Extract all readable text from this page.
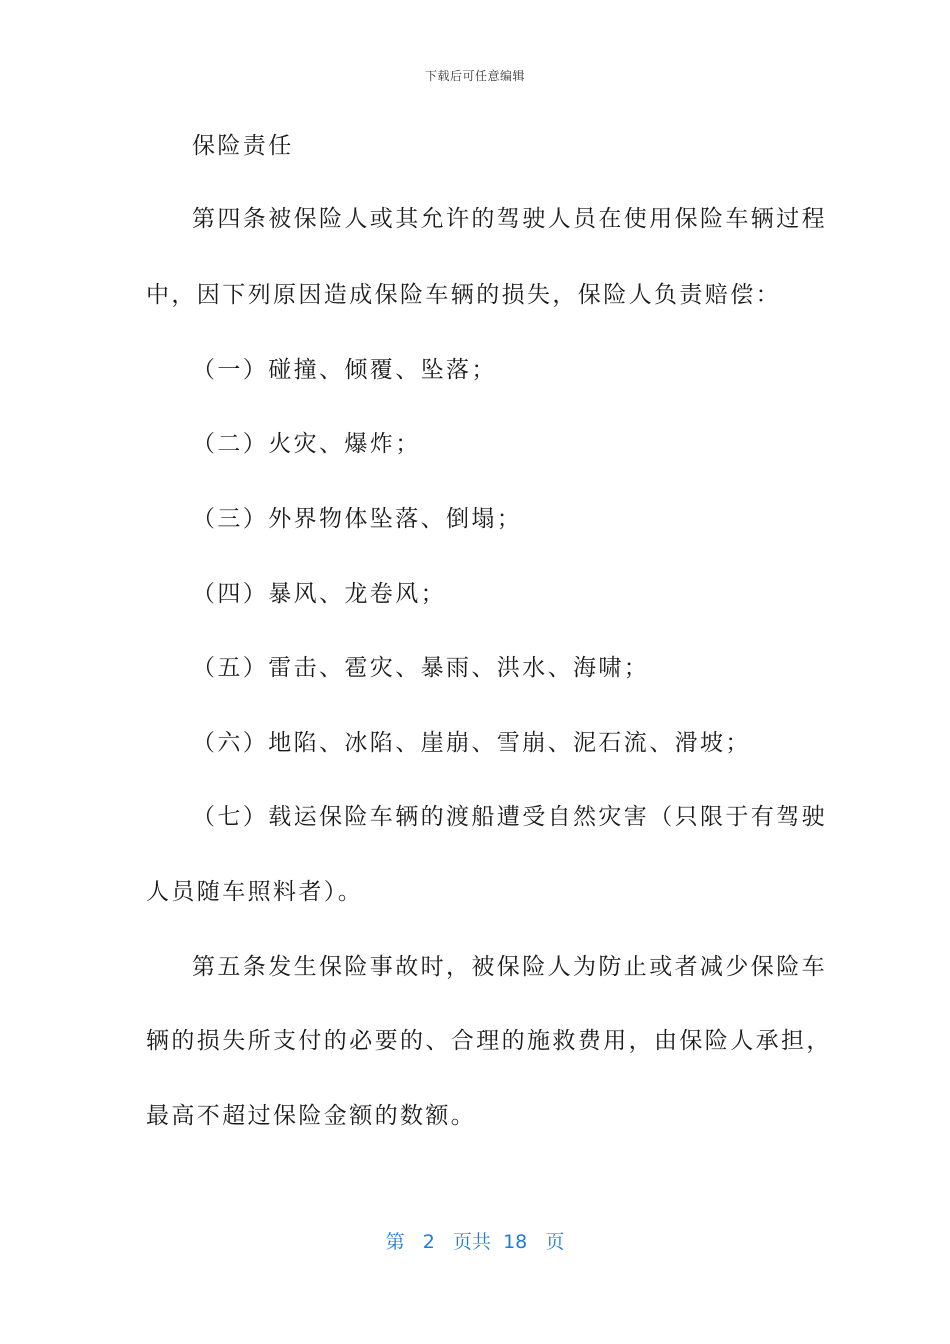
下载后可任意编辑
保险责任
第四条被保险人或其允许的驾驶人员在使用保险车辆过程
中，因下列原因造成保险车辆的损失，保险人负责赔偿：
（一）碰撞、倾覆、坠落；
（二）火灾、爆炸；
（三）外界物体坠落、倒塌；
（四）暴风、龙卷风；
（五）雷击、雹灾、暴雨、洪水、海啸；
（六）地陷、冰陷、崖崩、雪崩、泥石流、滑坡；
（七）载运保险车辆的渡船遭受自然灾害（只限于有驾驶
人员随车照料者）。
第五条发生保险事故时，被保险人为防止或者减少保险车
辆的损失所支付的必要的、合理的施救费用，由保险人承担，
最高不超过保险金额的数额。
第 2 页共 18 页
